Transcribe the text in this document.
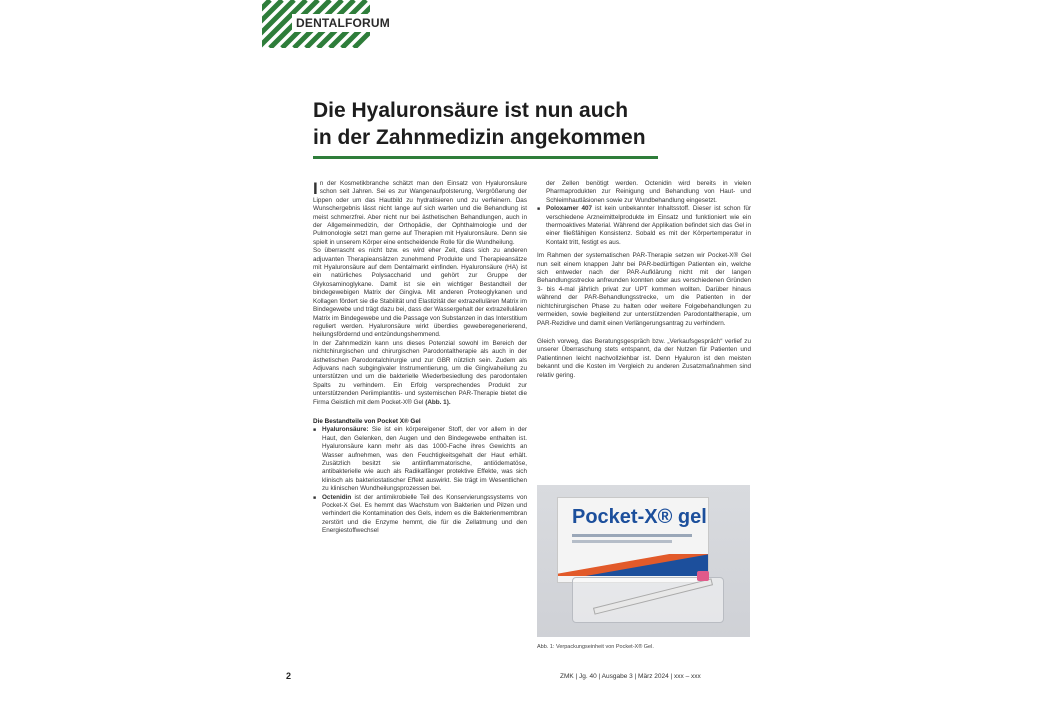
DENTALFORUM
Die Hyaluronsäure ist nun auch
in der Zahnmedizin angekommen

In der Kosmetikbranche schätzt man den Einsatz von Hyaluronsäure schon seit Jahren. Sei es zur Wangenaufpolsterung, Vergrößerung der Lippen oder um das Hautbild zu hydratisieren und zu verfeinern. Das Wunschergebnis lässt nicht lange auf sich warten und die Behandlung ist meist schmerzfrei. Aber nicht nur bei ästhetischen Behandlungen, auch in der Allgemeinmedizin, der Orthopädie, der Ophthalmologie und der Pulmonologie setzt man gerne auf Therapien mit Hyaluronsäure. Denn sie spielt in unserem Körper eine entscheidende Rolle für die Wundheilung.

So überrascht es nicht bzw. es wird eher Zeit, dass sich zu anderen adjuvanten Therapieansätzen zunehmend Produkte und Therapieansätze mit Hyaluronsäure auf dem Dentalmarkt einfinden. Hyaluronsäure (HA) ist ein natürliches Polysaccharid und gehört zur Gruppe der Glykosaminoglykane. Damit ist sie ein wichtiger Bestandteil der bindegewebigen Matrix der Gingiva. Mit anderen Proteoglykanen und Kollagen fördert sie die Stabilität und Elastizität der extrazellulären Matrix im Bindegewebe und trägt dazu bei, dass der Wassergehalt der extrazellulären Matrix im Bindegewebe und die Passage von Substanzen in das Interstitium reguliert werden. Hyaluronsäure wirkt überdies geweberegenerierend, heilungsfördernd und entzündungshemmend.

In der Zahnmedizin kann uns dieses Potenzial sowohl im Bereich der nichtchirurgischen und chirurgischen Parodontaltherapie als auch in der ästhetischen Parodontalchirurgie und zur GBR nützlich sein. Zudem als Adjuvans nach subgingivaler Instrumentierung, um die Gingivaheilung zu unterstützen und um die bakterielle Wiederbesiedlung des parodontalen Spalts zu verhindern. Ein Erfolg versprechendes Produkt zur unterstützenden Periimplantitis- und systemischen PAR-Therapie bietet die Firma Geistlich mit dem Pocket-X® Gel (Abb. 1).

Die Bestandteile von Pocket X® Gel

■ Hyaluronsäure: Sie ist ein körpereigener Stoff, der vor allem in der Haut, den Gelenken, den Augen und den Bindegewebe enthalten ist. Hyaluronsäure kann mehr als das 1000-Fache ihres Gewichts an Wasser aufnehmen, was den Feuchtigkeitsgehalt der Haut erhält. Zusätzlich besitzt sie antiinflammatorische, antiödematöse, antibakterielle wie auch als Radikalfänger protektive Effekte, was sich klinisch als bakteriostatischer Effekt auswirkt. Sie trägt im Wesentlichen zu klinischen Wundheilungsprozessen bei.
■ Octenidin ist der antimikrobielle Teil des Konservierungssystems von Pocket-X Gel. Es hemmt das Wachstum von Bakterien und Pilzen und verhindert die Kontamination des Gels, indem es die Bakterienmembran zerstört und die Enzyme hemmt, die für die Zellatmung und den Energiestoffwechsel

der Zellen benötigt werden. Octenidin wird bereits in vielen Pharmaprodukten zur Reinigung und Behandlung von Haut- und Schleimhautläsionen sowie zur Wundbehandlung eingesetzt.

■ Poloxamer 407 ist kein unbekannter Inhaltsstoff. Dieser ist schon für verschiedene Arzneimittelprodukte im Einsatz und funktioniert wie ein thermoaktives Material. Während der Applikation befindet sich das Gel in einer fließfähigen Konsistenz. Sobald es mit der Körpertemperatur in Kontakt tritt, festigt es aus.

Im Rahmen der systematischen PAR-Therapie setzen wir Pocket-X® Gel nun seit einem knappen Jahr bei PAR-bedürftigen Patienten ein, welche sich entweder nach der PAR-Aufklärung nicht mit der langen Behandlungsstrecke anfreunden konnten oder aus verschiedenen Gründen 3- bis 4-mal jährlich privat zur UPT kommen wollten. Darüber hinaus während der PAR-Behandlungsstrecke, um die Patienten in der nichtchirurgischen Phase zu halten oder weitere Folgebehandlungen zu vermeiden, sowie begleitend zur unterstützenden Parodontaltherapie, um PAR-Rezidive und damit einen Verlängerungsantrag zu verhindern.

Gleich vorweg, das Beratungsgespräch bzw. „Verkaufsgespräch“ verlief zu unserer Überraschung stets entspannt, da der Nutzen für Patienten und Patientinnen leicht nachvollziehbar ist. Denn Hyaluron ist den meisten bekannt und die Kosten im Vergleich zu anderen Zusatzmaßnahmen sind relativ gering.

Pocket-X® gel
Abb. 1: Verpackungseinheit von Pocket-X® Gel.
2	ZMK | Jg. 40 | Ausgabe 3 | März 2024 | xxx – xxx
